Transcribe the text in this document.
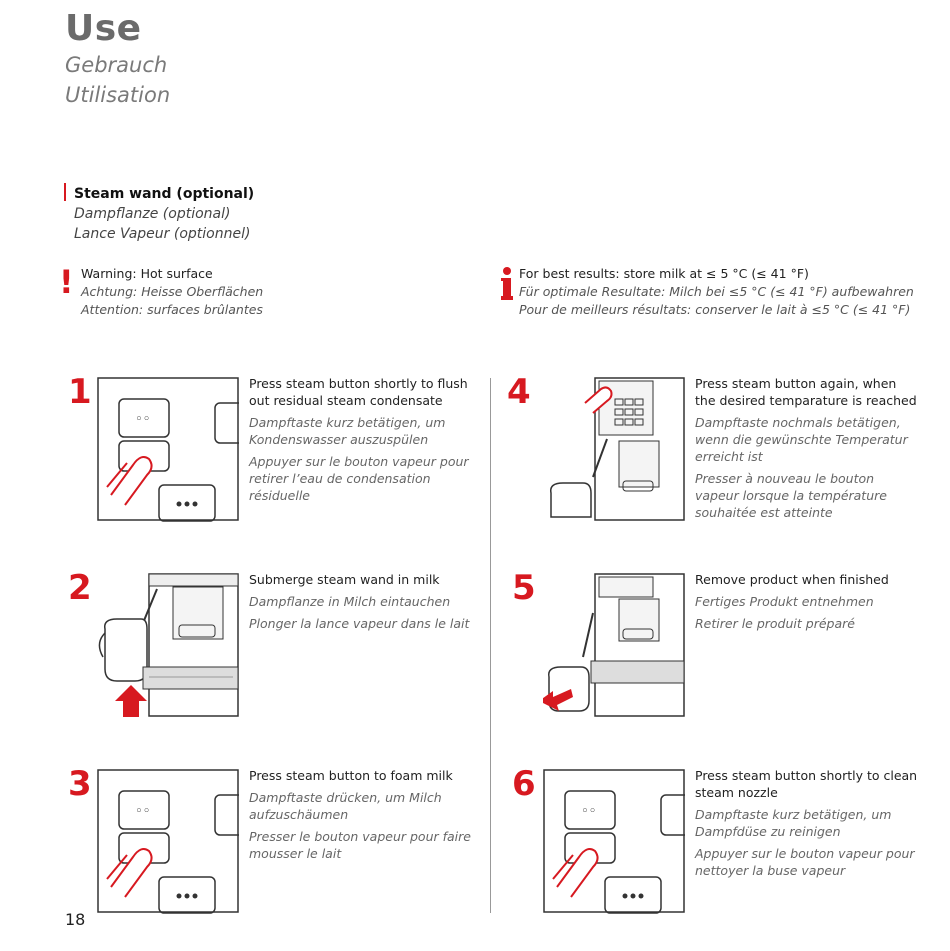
Use
Gebrauch
Utilisation
Steam wand (optional)
Dampflanze (optional)
Lance Vapeur (optionnel)
! Warning: Hot surface
Achtung: Heisse Oberflächen
Attention: surfaces brûlantes
For best results: store milk at ≤ 5 °C (≤ 41 °F)
Für optimale Resultate: Milch bei ≤5 °C (≤ 41 °F) aufbewahren
Pour de meilleurs résultats: conserver le lait à ≤5 °C (≤ 41 °F)
1
◦◦
Press steam button shortly to flush out residual steam condensate
Dampftaste kurz betätigen, um Kondenswasser auszuspülen
Appuyer sur le bouton vapeur pour retirer l’eau de condensation résiduelle
2	Submerge steam wand in milk
Dampflanze in Milch eintauchen
Plonger la lance vapeur dans le lait
3
◦◦
Press steam button to foam milk
Dampftaste drücken, um Milch aufzuschäumen
Presser le bouton vapeur pour faire mousser le lait
4	Press steam button again, when the desired temparature is reached
Dampftaste nochmals betätigen, wenn die gewünschte Temperatur erreicht ist
Presser à nouveau le bouton vapeur lorsque la température souhaitée est atteinte
5	Remove product when finished
Fertiges Produkt entnehmen
Retirer le produit préparé
6
◦◦
Press steam button shortly to clean steam nozzle
Dampftaste kurz betätigen, um Dampfdüse zu reinigen
Appuyer sur le bouton vapeur pour nettoyer la buse vapeur
18
